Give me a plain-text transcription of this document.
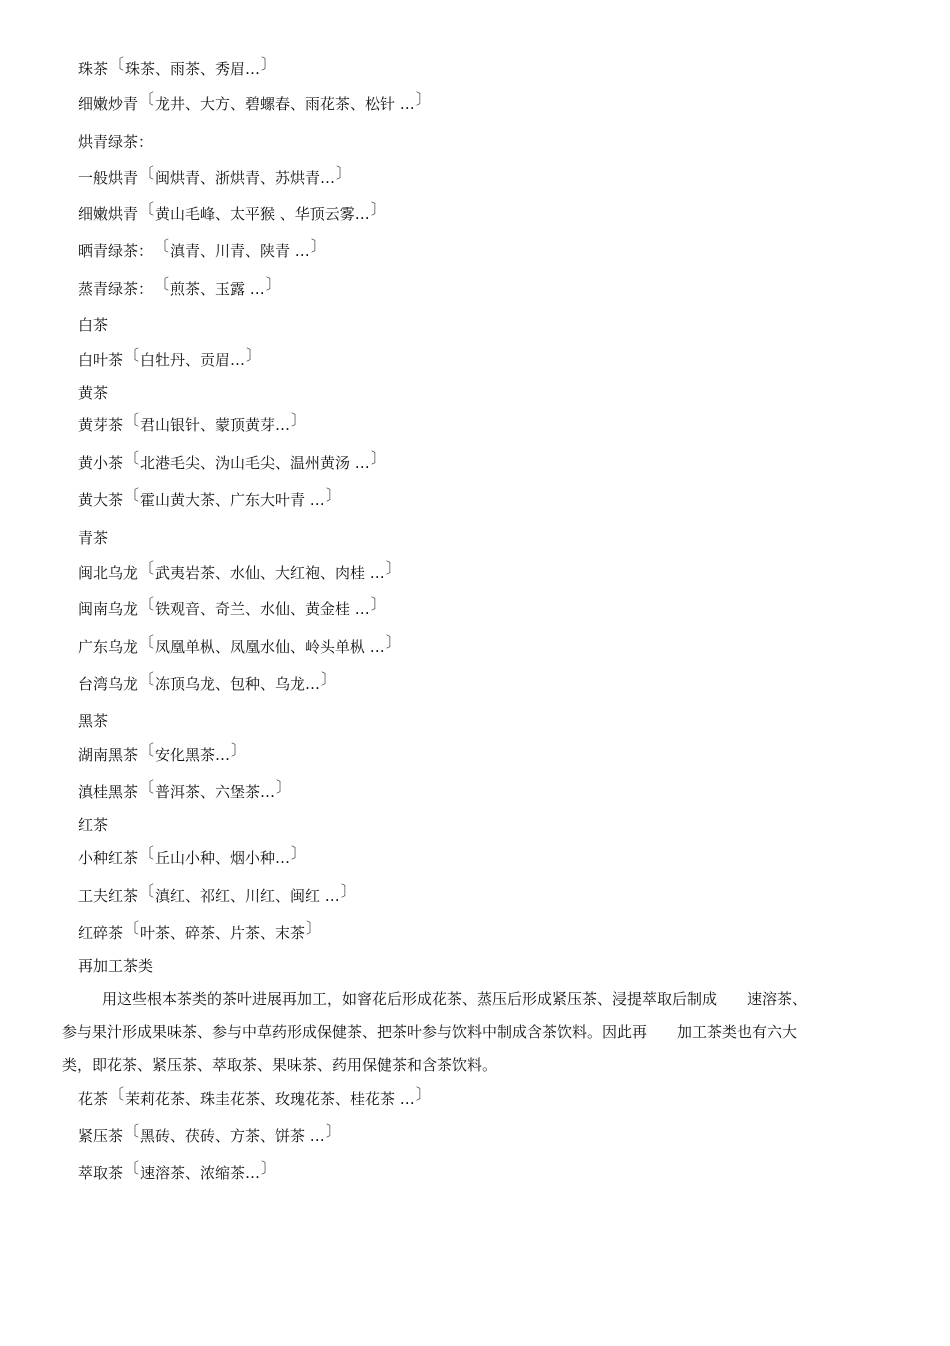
珠茶〔珠茶、雨茶、秀眉…〕
细嫩炒青〔龙井、大方、碧螺春、雨花茶、松针 …〕
烘青绿茶：
一般烘青〔闽烘青、浙烘青、苏烘青…〕
细嫩烘青〔黄山毛峰、太平猴 、华顶云雾…〕
晒青绿茶：〔滇青、川青、陕青 …〕
蒸青绿茶：〔煎茶、玉露 …〕
白茶
白叶茶〔白牡丹、贡眉…〕
黄茶
黄芽茶〔君山银针、蒙顶黄芽…〕
黄小茶〔北港毛尖、沩山毛尖、温州黄汤 …〕
黄大茶〔霍山黄大茶、广东大叶青 …〕
青茶
闽北乌龙〔武夷岩茶、水仙、大红袍、肉桂 …〕
闽南乌龙〔铁观音、奇兰、水仙、黄金桂 …〕
广东乌龙〔凤凰单枞、凤凰水仙、岭头单枞 …〕
台湾乌龙〔冻顶乌龙、包种、乌龙…〕
黑茶
湖南黑茶〔安化黑茶…〕
滇桂黑茶〔普洱茶、六堡茶…〕
红茶
小种红茶〔丘山小种、烟小种…〕
工夫红茶〔滇红、祁红、川红、闽红 …〕
红碎茶〔叶茶、碎茶、片茶、末茶〕
再加工茶类
用这些根本茶类的茶叶进展再加工，如窨花后形成花茶、蒸压后形成紧压茶、浸提萃取后制成　　速溶茶、
参与果汁形成果味茶、参与中草药形成保健茶、把茶叶参与饮料中制成含茶饮料。因此再　　加工茶类也有六大
类，即花茶、紧压茶、萃取茶、果味茶、药用保健茶和含茶饮料。
花茶〔茉莉花茶、珠圭花茶、玫瑰花茶、桂花茶 …〕
紧压茶〔黑砖、茯砖、方茶、饼茶 …〕
萃取茶〔速溶茶、浓缩茶…〕
